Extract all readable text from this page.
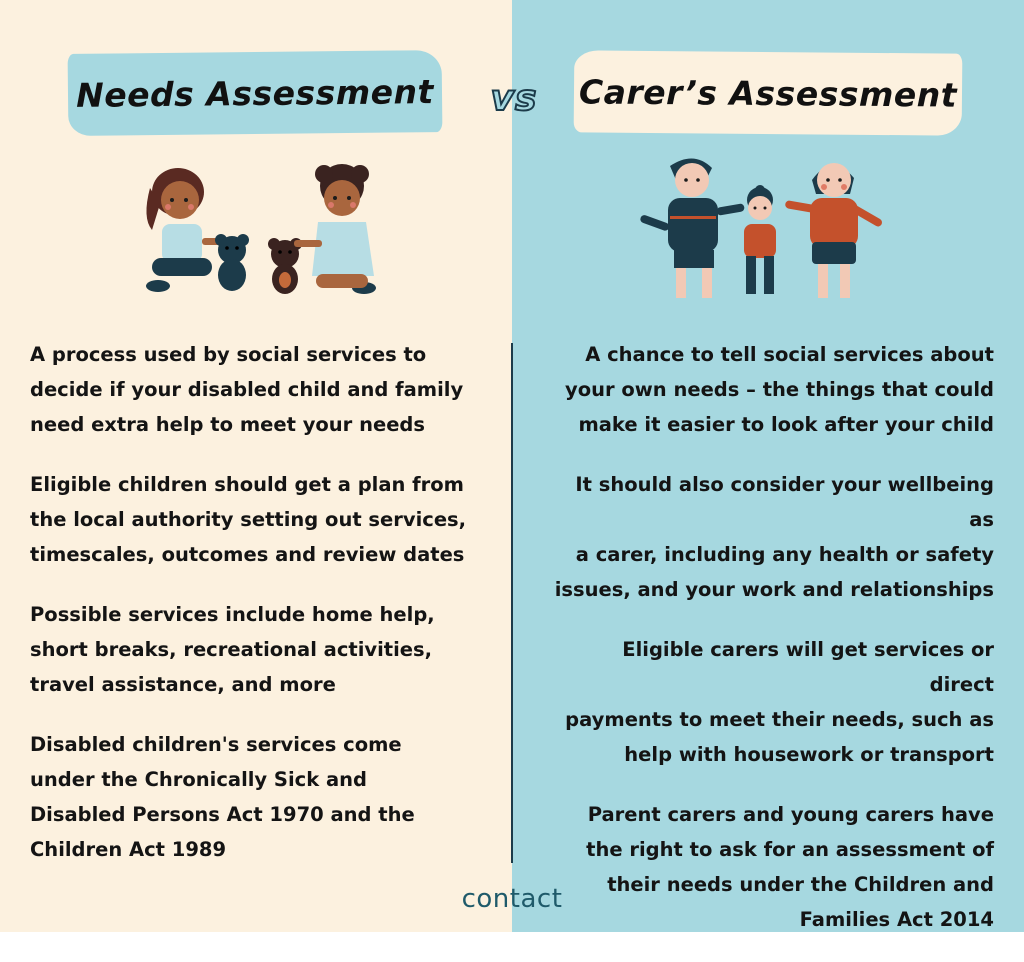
Needs Assessment vs Carer’s Assessment

A process used by social services to
decide if your disabled child and family
need extra help to meet your needs

Eligible children should get a plan from
the local authority setting out services,
timescales, outcomes and review dates

Possible services include home help,
short breaks, recreational activities,
travel assistance, and more

Disabled children's services come
under the Chronically Sick and
Disabled Persons Act 1970 and the
Children Act 1989

A chance to tell social services about
your own needs – the things that could
make it easier to look after your child

It should also consider your wellbeing as
a carer, including any health or safety
issues, and your work and relationships

Eligible carers will get services or direct
payments to meet their needs, such as
help with housework or transport

Parent carers and young carers have
the right to ask for an assessment of
their needs under the Children and
Families Act 2014

contact
